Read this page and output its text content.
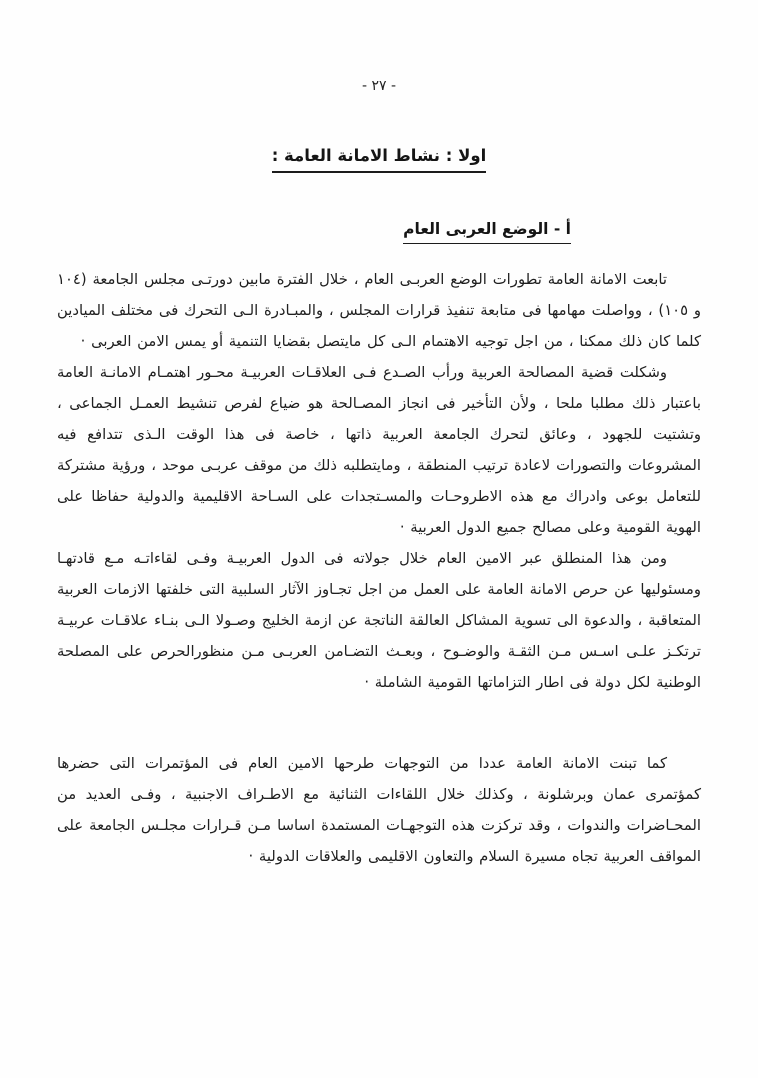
- ٢٧ -
اولا : نشاط الامانة العامة :
أ - الوضع العربى العام

تابعت الامانة العامة تطورات الوضع العربـى العام ، خلال الفترة مابين دورتـى مجلس الجامعة (١٠٤ و ١٠٥) ، وواصلت مهامها فى متابعة تنفيذ قرارات المجلس ، والمبـادرة الـى التحرك فى مختلف الميادين كلما كان ذلك ممكنا ، من اجل توجيه الاهتمام الـى كل مايتصل بقضايا التنمية أو يمس الامن العربى ·

وشكلت قضية المصالحة العربية ورأب الصـدع فـى العلاقـات العربيـة محـور اهتمـام الامانـة العامة باعتبار ذلك مطلبا ملحا ، ولأن التأخير فى انجاز المصـالحة هو ضياع لفرص تنشيط العمـل الجماعى ، وتشتيت للجهود ، وعائق لتحرك الجامعة العربية ذاتها ، خاصة فى هذا الوقت الـذى تتدافع فيه المشروعات والتصورات لاعادة ترتيب المنطقة ، ومايتطلبه ذلك من موقف عربـى موحد ، ورؤية مشتركة للتعامل بوعى وادراك مع هذه الاطروحـات والمسـتجدات على السـاحة الاقليمية والدولية حفاظا على الهوية القومية وعلى مصالح جميع الدول العربية ·

ومن هذا المنطلق عبر الامين العام خلال جولاته فى الدول العربيـة وفـى لقاءاتـه مـع قادتهـا ومسئوليها عن حرص الامانة العامة على العمل من اجل تجـاوز الآثار السلبية التى خلفتها الازمات العربية المتعاقبة ، والدعوة الى تسوية المشاكل العالقة الناتجة عن ازمة الخليج وصـولا الـى بنـاء علاقـات عربيـة ترتكـز علـى اسـس مـن الثقـة والوضـوح ، وبعـث التضـامن العربـى مـن منظورالحرص على المصلحة الوطنية لكل دولة فى اطار التزاماتها القومية الشاملة ·

كما تبنت الامانة العامة عددا من التوجهات طرحها الامين العام فى المؤتمرات التى حضرها كمؤتمرى عمان وبرشلونة ، وكذلك خلال اللقاءات الثنائية مع الاطـراف الاجنبية ، وفـى العديد من المحـاضرات والندوات ، وقد تركزت هذه التوجهـات المستمدة اساسا مـن قـرارات مجلـس الجامعة على المواقف العربية تجاه مسيرة السلام والتعاون الاقليمى والعلاقات الدولية ·
